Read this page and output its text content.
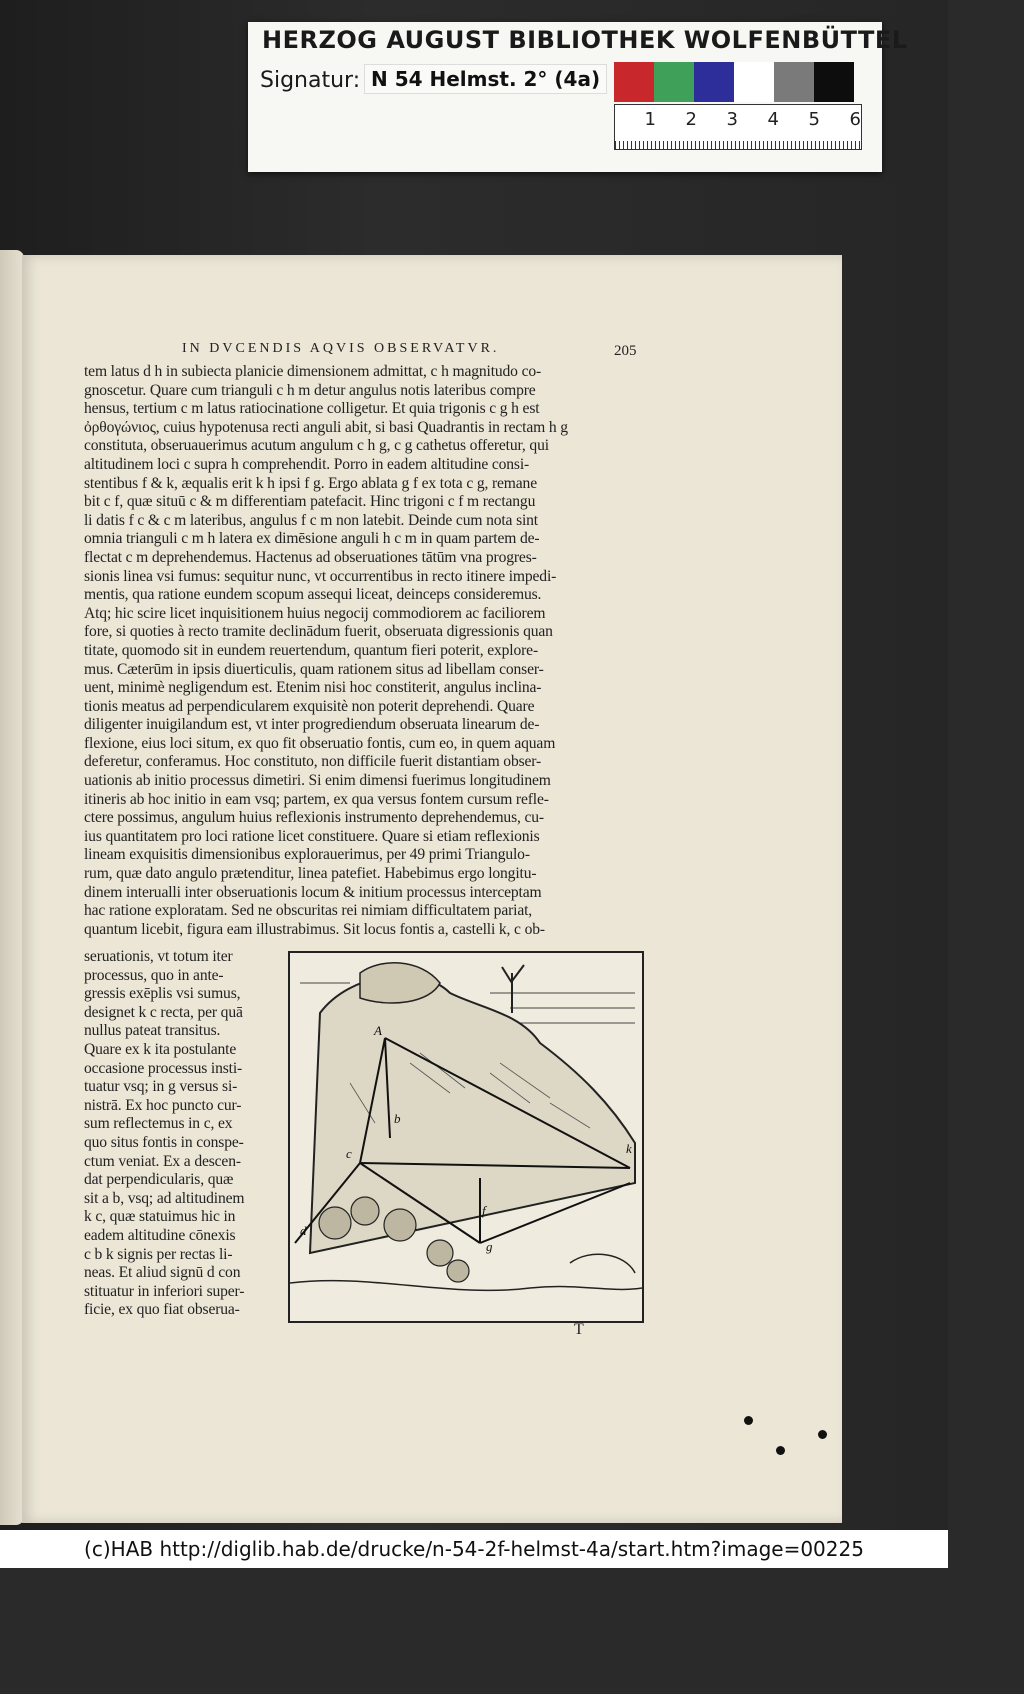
HERZOG AUGUST BIBLIOTHEK WOLFENBÜTTEL
Signatur: N 54 Helmst. 2° (4a)
1	2	3	4	5	6
IN DVCENDIS AQVIS OBSERVATVR.	205
tem latus d h in subiecta planicie dimensionem admittat, c h magnitudo co-
gnoscetur. Quare cum trianguli c h m detur angulus notis lateribus compre
hensus, tertium c m latus ratiocinatione colligetur. Et quia trigonis c g h est
ὀρθογώνιος, cuius hypotenusa recti anguli abit, si basi Quadrantis in rectam h g
constituta, obseruauerimus acutum angulum c h g, c g cathetus offeretur, qui
altitudinem loci c supra h comprehendit. Porro in eadem altitudine consi-
stentibus f & k, æqualis erit k h ipsi f g. Ergo ablata g f ex tota c g, remane
bit c f, quæ situū c & m differentiam patefacit. Hinc trigoni c f m rectangu
li datis f c & c m lateribus, angulus f c m non latebit. Deinde cum nota sint
omnia trianguli c m h latera ex dimēsione anguli h c m in quam partem de-
flectat c m deprehendemus. Hactenus ad obseruationes tātūm vna progres-
sionis linea vsi fumus: sequitur nunc, vt occurrentibus in recto itinere impedi-
mentis, qua ratione eundem scopum assequi liceat, deinceps consideremus.
Atq; hic scire licet inquisitionem huius negocij commodiorem ac faciliorem
fore, si quoties à recto tramite declinādum fuerit, obseruata digressionis quan
titate, quomodo sit in eundem reuertendum, quantum fieri poterit, explore-
mus. Cæterūm in ipsis diuerticulis, quam rationem situs ad libellam conser-
uent, minimè negligendum est. Etenim nisi hoc constiterit, angulus inclina-
tionis meatus ad perpendicularem exquisitè non poterit deprehendi. Quare
diligenter inuigilandum est, vt inter progrediendum obseruata linearum de-
flexione, eius loci situm, ex quo fit obseruatio fontis, cum eo, in quem aquam
deferetur, conferamus. Hoc constituto, non difficile fuerit distantiam obser-
uationis ab initio processus dimetiri. Si enim dimensi fuerimus longitudinem
itineris ab hoc initio in eam vsq; partem, ex qua versus fontem cursum refle-
ctere possimus, angulum huius reflexionis instrumento deprehendemus, cu-
ius quantitatem pro loci ratione licet constituere. Quare si etiam reflexionis
lineam exquisitis dimensionibus explorauerimus, per 49 primi Triangulo-
rum, quæ dato angulo prætenditur, linea patefiet. Habebimus ergo longitu-
dinem interualli inter obseruationis locum & initium processus interceptam
hac ratione exploratam. Sed ne obscuritas rei nimiam difficultatem pariat,
quantum licebit, figura eam illustrabimus. Sit locus fontis a, castelli k, c ob-
seruationis, vt totum iter
processus, quo in ante-
gressis exēplis vsi sumus,
designet k c recta, per quā
nullus pateat transitus.
Quare ex k ita postulante
occasione processus insti-
tuatur vsq; in g versus si-
nistrā. Ex hoc puncto cur-
sum reflectemus in c, ex
quo situs fontis in conspe-
ctum veniat. Ex a descen-
dat perpendicularis, quæ
sit a b, vsq; ad altitudinem
k c, quæ statuimus hic in
eadem altitudine cōnexis
c b k signis per rectas li-
neas. Et aliud signū d con
stituatur in inferiori super-
ficie, ex quo fiat obserua-
A
b
c	k
f
d
g
T
(c)HAB http://diglib.hab.de/drucke/n-54-2f-helmst-4a/start.htm?image=00225
